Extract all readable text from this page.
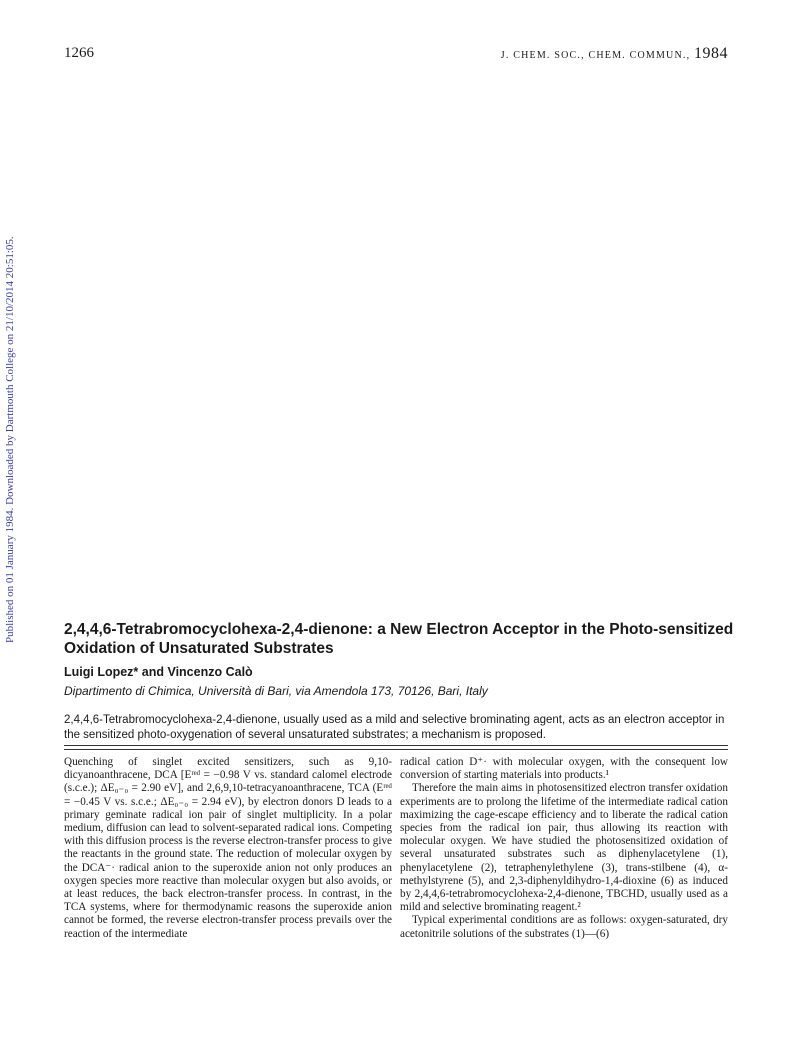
1266	J. CHEM. SOC., CHEM. COMMUN., 1984
Published on 01 January 1984. Downloaded by Dartmouth College on 21/10/2014 20:51:05.	2,4,4,6-Tetrabromocyclohexa-2,4-dienone: a New Electron Acceptor in the Photo-sensitized Oxidation of Unsaturated Substrates
Luigi Lopez* and Vincenzo Calò
Dipartimento di Chimica, Università di Bari, via Amendola 173, 70126, Bari, Italy

2,4,4,6-Tetrabromocyclohexa-2,4-dienone, usually used as a mild and selective brominating agent, acts as an electron acceptor in the sensitized photo-oxygenation of several unsaturated substrates; a mechanism is proposed.

Quenching of singlet excited sensitizers, such as 9,10-dicyanoanthracene, DCA [Eʳᵉᵈ = −0.98 V vs. standard calomel electrode (s.c.e.); ΔE₀₋₀ = 2.90 eV], and 2,6,9,10-tetracyanoanthracene, TCA (Eʳᵉᵈ = −0.45 V vs. s.c.e.; ΔE₀₋₀ = 2.94 eV), by electron donors D leads to a primary geminate radical ion pair of singlet multiplicity. In a polar medium, diffusion can lead to solvent-separated radical ions. Competing with this diffusion process is the reverse electron-transfer process to give the reactants in the ground state. The reduction of molecular oxygen by the DCA⁻· radical anion to the superoxide anion not only produces an oxygen species more reactive than molecular oxygen but also avoids, or at least reduces, the back electron-transfer process. In contrast, in the TCA systems, where for thermodynamic reasons the superoxide anion cannot be formed, the reverse electron-transfer process prevails over the reaction of the intermediate

radical cation D⁺· with molecular oxygen, with the consequent low conversion of starting materials into products.¹

Therefore the main aims in photosensitized electron transfer oxidation experiments are to prolong the lifetime of the intermediate radical cation maximizing the cage-escape efficiency and to liberate the radical cation species from the radical ion pair, thus allowing its reaction with molecular oxygen. We have studied the photosensitized oxidation of several unsaturated substrates such as diphenylacetylene (1), phenylacetylene (2), tetraphenylethylene (3), trans-stilbene (4), α-methylstyrene (5), and 2,3-diphenyldihydro-1,4-dioxine (6) as induced by 2,4,4,6-tetrabromocyclohexa-2,4-dienone, TBCHD, usually used as a mild and selective brominating reagent.²

Typical experimental conditions are as follows: oxygen-saturated, dry acetonitrile solutions of the substrates (1)—(6)
